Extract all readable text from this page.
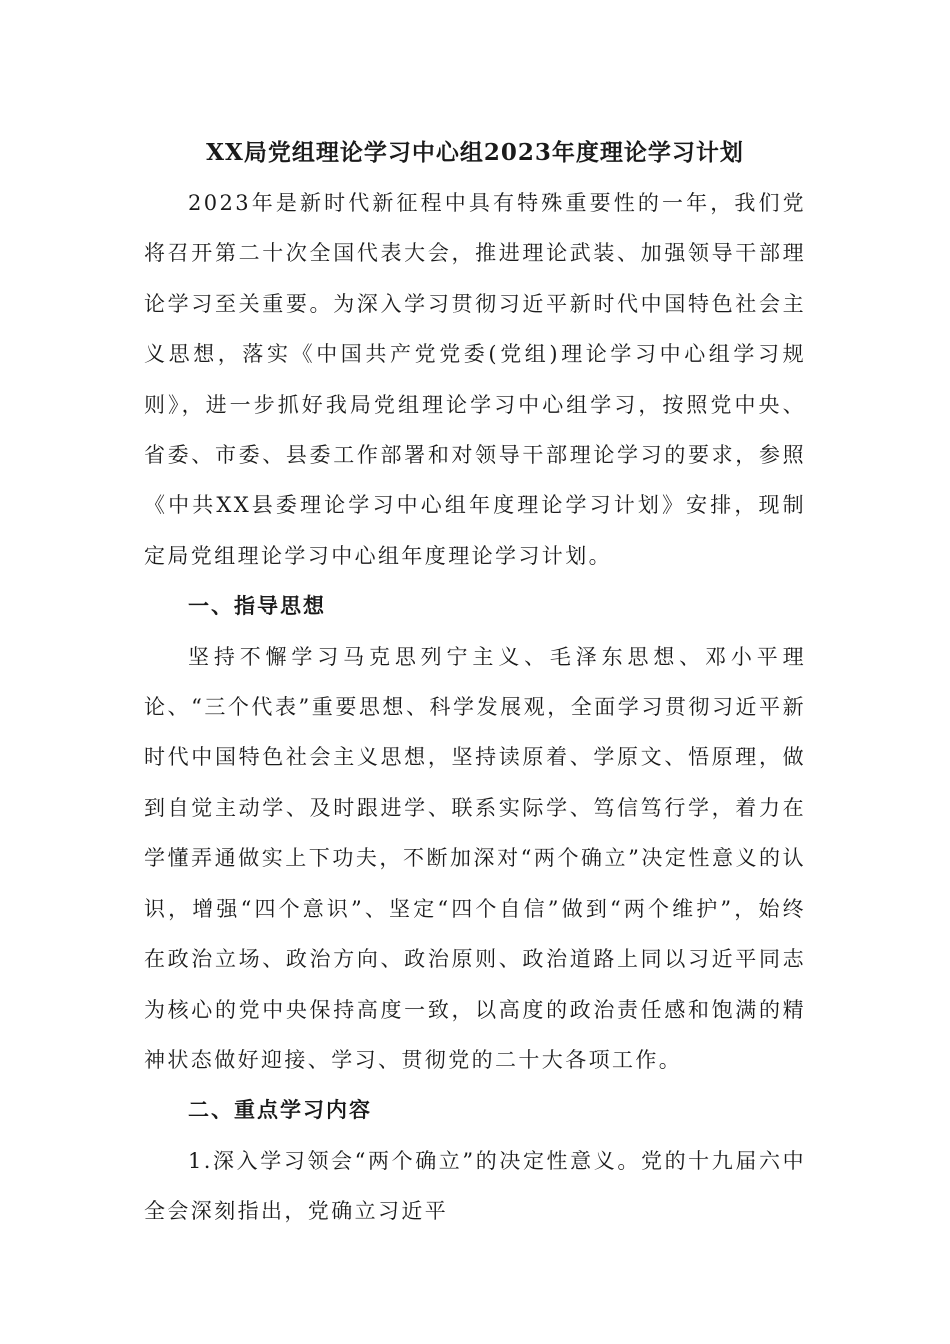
XX局党组理论学习中心组2023年度理论学习计划

2023年是新时代新征程中具有特殊重要性的一年，我们党将召开第二十次全国代表大会，推进理论武装、加强领导干部理论学习至关重要。为深入学习贯彻习近平新时代中国特色社会主义思想，落实《中国共产党党委(党组)理论学习中心组学习规则》，进一步抓好我局党组理论学习中心组学习，按照党中央、省委、市委、县委工作部署和对领导干部理论学习的要求，参照《中共XX县委理论学习中心组年度理论学习计划》安排，现制定局党组理论学习中心组年度理论学习计划。

一、指导思想

坚持不懈学习马克思列宁主义、毛泽东思想、邓小平理论、“三个代表”重要思想、科学发展观，全面学习贯彻习近平新时代中国特色社会主义思想，坚持读原着、学原文、悟原理，做到自觉主动学、及时跟进学、联系实际学、笃信笃行学，着力在学懂弄通做实上下功夫，不断加深对“两个确立”决定性意义的认识，增强“四个意识”、坚定“四个自信”做到“两个维护”，始终在政治立场、政治方向、政治原则、政治道路上同以习近平同志为核心的党中央保持高度一致，以高度的政治责任感和饱满的精神状态做好迎接、学习、贯彻党的二十大各项工作。

二、重点学习内容

1.深入学习领会“两个确立”的决定性意义。党的十九届六中全会深刻指出，党确立习近平
